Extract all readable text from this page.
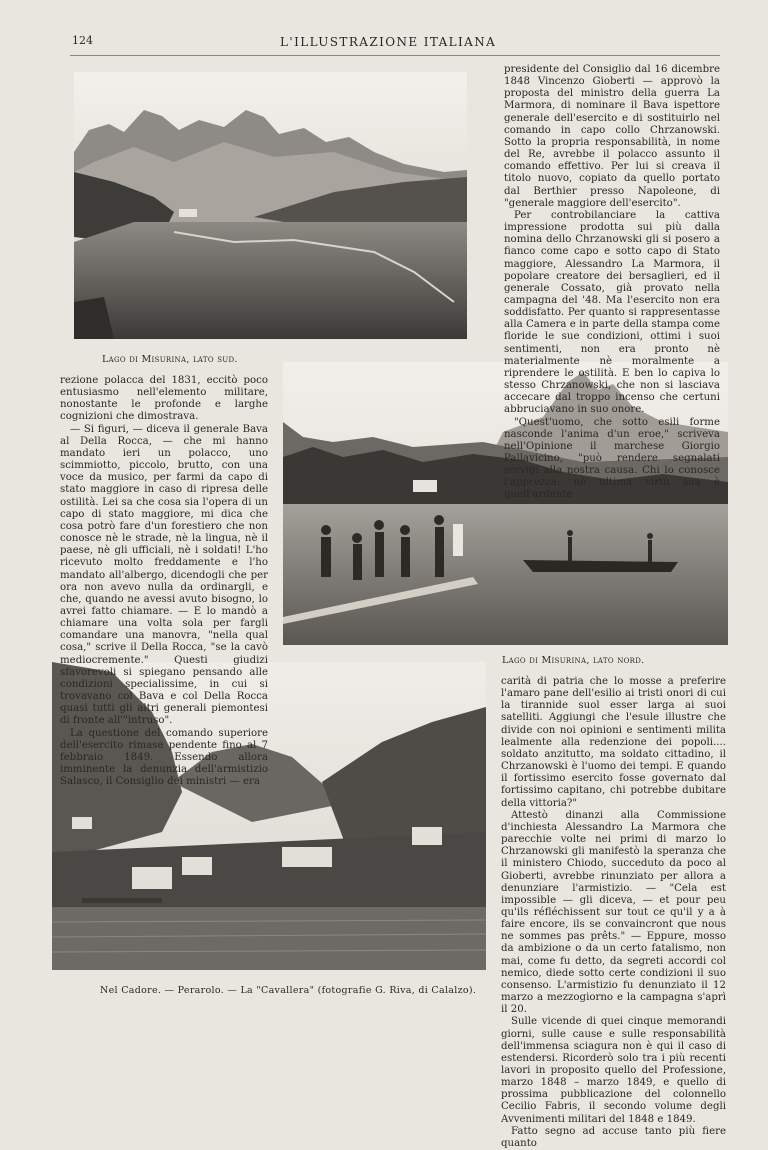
124	L'ILLUSTRAZIONE ITALIANA
Lago di Misurina, lato sud.
Lago di Misurina, lato nord.
Nel Cadore. — Perarolo. — La "Cavallera" (fotografie G. Riva, di Calalzo).

presidente del Consiglio dal 16 dicembre 1848 Vincenzo Gioberti — approvò la proposta del ministro della guerra La Marmora, di nominare il Bava ispettore generale dell'esercito e di sostituirlo nel comando in capo collo Chrzanowski. Sotto la propria responsabilità, in nome del Re, avrebbe il polacco assunto il comando effettivo. Per lui si creava il titolo nuovo, copiato da quello portato dal Berthier presso Napoleone, di "generale maggiore dell'esercito".

Per controbilanciare la cattiva impressione prodotta sui più dalla nomina dello Chrzanowski gli si posero a fianco come capo e sotto capo di Stato maggiore, Alessandro La Marmora, il popolare creatore dei bersaglieri, ed il generale Cossato, già provato nella campagna del '48. Ma l'esercito non era soddisfatto. Per quanto si rappresentasse alla Camera e in parte della stampa come floride le sue condizioni, ottimi i suoi sentimenti, non era pronto nè materialmente nè moralmente a riprendere le ostilità. E ben lo capiva lo stesso Chrzanowski, che non si lasciava accecare dal troppo incenso che certuni abbruciavano in suo onore.

"Quest'uomo, che sotto esili forme nasconde l'anima d'un eroe," scriveva nell'Opinione il marchese Giorgio Pallavicino, "può rendere segnalati servigi alla nostra causa. Chi lo conosce l'apprezza: nè ultima virtù sua è quell'ardente

rezione polacca del 1831, eccitò poco entusiasmo nell'elemento militare, nonostante le profonde e larghe cognizioni che dimostrava.

— Si figuri, — diceva il generale Bava al Della Rocca, — che mi hanno mandato ieri un polacco, uno scimmiotto, piccolo, brutto, con una voce da musico, per farmi da capo di stato maggiore in caso di ripresa delle ostilità. Lei sa che cosa sia l'opera di un capo di stato maggiore, mi dica che cosa potrò fare d'un forestiero che non conosce nè le strade, nè la lingua, nè il paese, nè gli ufficiali, nè i soldati! L'ho ricevuto molto freddamente e l'ho mandato all'albergo, dicendogli che per ora non avevo nulla da ordinargli, e che, quando ne avessi avuto bisogno, lo avrei fatto chiamare. — E lo mandò a chiamare una volta sola per fargli comandare una manovra, "nella qual cosa," scrive il Della Rocca, "se la cavò mediocremente." Questi giudizi sfavorevoli si spiegano pensando alle condizioni specialissime, in cui si trovavano col Bava e col Della Rocca quasi tutti gli altri generali piemontesi di fronte all'"intruso".

La questione del comando superiore dell'esercito rimase pendente fino al 7 febbraio 1849. Essendo allora imminente la denunzia dell'armistizio Salasco, il Consiglio dei ministri — era

carità di patria che lo mosse a preferire l'amaro pane dell'esilio ai tristi onori di cui la tirannide suol esser larga ai suoi satelliti. Aggiungi che l'esule illustre che divide con noi opinioni e sentimenti milita lealmente alla redenzione dei popoli.... soldato anzitutto, ma soldato cittadino, il Chrzanowski è l'uomo dei tempi. E quando il fortissimo esercito fosse governato dal fortissimo capitano, chi potrebbe dubitare della vittoria?"

Attestò dinanzi alla Commissione d'inchiesta Alessandro La Marmora che parecchie volte nei primi di marzo lo Chrzanowski gli manifestò la speranza che il ministero Chiodo, succeduto da poco al Gioberti, avrebbe rinunziato per allora a denunziare l'armistizio. — "Cela est impossible — gli diceva, — et pour peu qu'ils réfléchissent sur tout ce qu'il y a à faire encore, ils se convaincront que nous ne sommes pas prêts." — Eppure, mosso da ambizione o da un certo fatalismo, non mai, come fu detto, da segreti accordi col nemico, diede sotto certe condizioni il suo consenso. L'armistizio fu denunziato il 12 marzo a mezzogiorno e la campagna s'aprì il 20.

Sulle vicende di quei cinque memorandi giorni, sulle cause e sulle responsabilità dell'immensa sciagura non è qui il caso di estendersi. Ricorderò solo tra i più recenti lavori in proposito quello del Professione, marzo 1848 – marzo 1849, e quello di prossima pubblicazione del colonnello Cecilio Fabris, il secondo volume degli Avvenimenti militari del 1848 e 1849.

Fatto segno ad accuse tanto più fiere quanto
